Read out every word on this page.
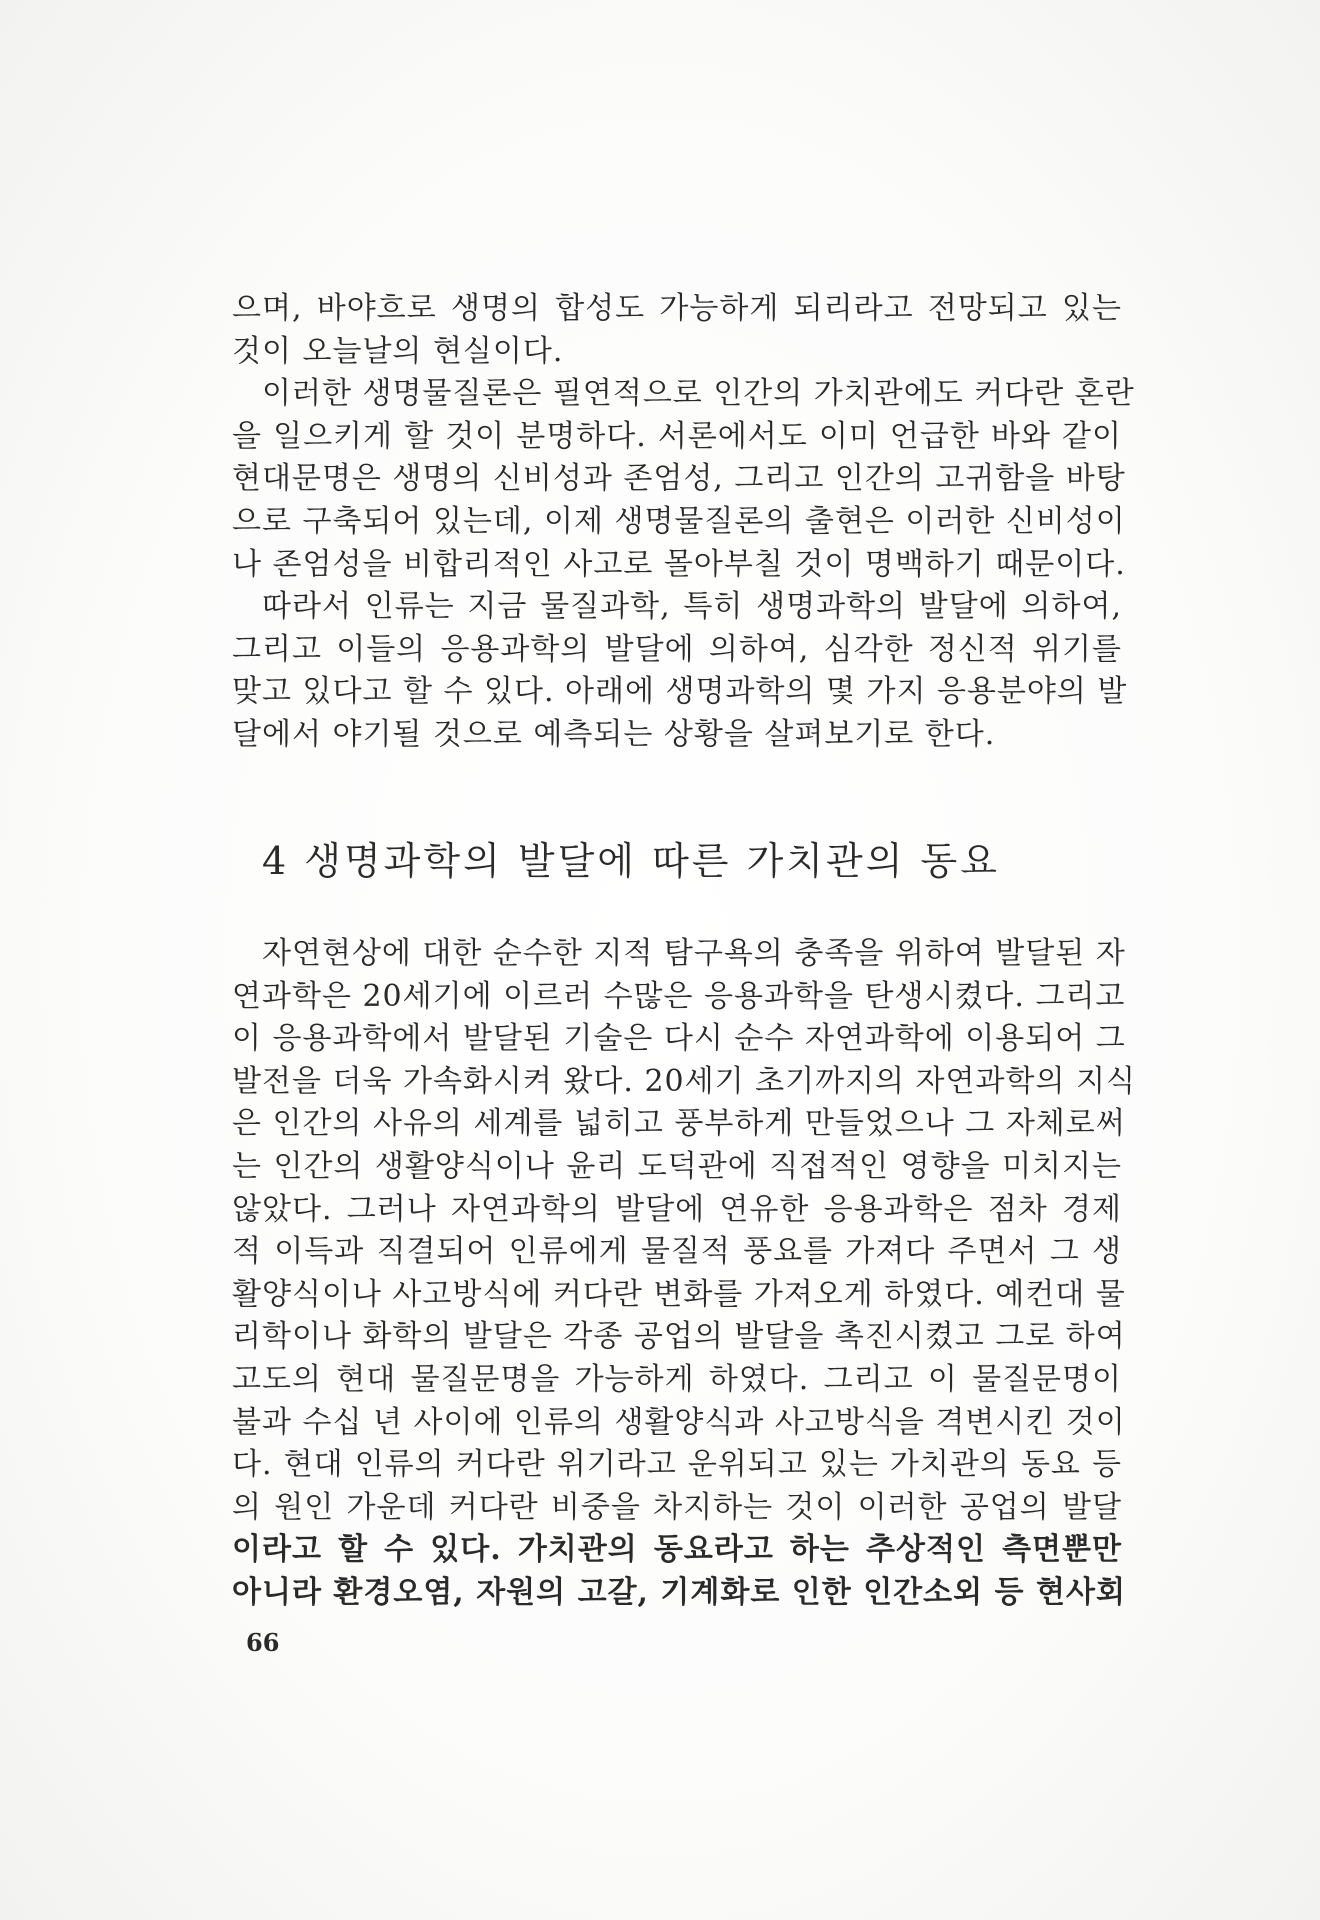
으며, 바야흐로 생명의 합성도 가능하게 되리라고 전망되고 있는
것이 오늘날의 현실이다.
이러한 생명물질론은 필연적으로 인간의 가치관에도 커다란 혼란
을 일으키게 할 것이 분명하다. 서론에서도 이미 언급한 바와 같이
현대문명은 생명의 신비성과 존엄성, 그리고 인간의 고귀함을 바탕
으로 구축되어 있는데, 이제 생명물질론의 출현은 이러한 신비성이
나 존엄성을 비합리적인 사고로 몰아부칠 것이 명백하기 때문이다.
따라서 인류는 지금 물질과학, 특히 생명과학의 발달에 의하여,
그리고 이들의 응용과학의 발달에 의하여, 심각한 정신적 위기를
맞고 있다고 할 수 있다. 아래에 생명과학의 몇 가지 응용분야의 발
달에서 야기될 것으로 예측되는 상황을 살펴보기로 한다.
4 생명과학의 발달에 따른 가치관의 동요
자연현상에 대한 순수한 지적 탐구욕의 충족을 위하여 발달된 자
연과학은 20세기에 이르러 수많은 응용과학을 탄생시켰다. 그리고
이 응용과학에서 발달된 기술은 다시 순수 자연과학에 이용되어 그
발전을 더욱 가속화시켜 왔다. 20세기 초기까지의 자연과학의 지식
은 인간의 사유의 세계를 넓히고 풍부하게 만들었으나 그 자체로써
는 인간의 생활양식이나 윤리 도덕관에 직접적인 영향을 미치지는
않았다. 그러나 자연과학의 발달에 연유한 응용과학은 점차 경제
적 이득과 직결되어 인류에게 물질적 풍요를 가져다 주면서 그 생
활양식이나 사고방식에 커다란 변화를 가져오게 하였다. 예컨대 물
리학이나 화학의 발달은 각종 공업의 발달을 촉진시켰고 그로 하여
고도의 현대 물질문명을 가능하게 하였다. 그리고 이 물질문명이
불과 수십 년 사이에 인류의 생활양식과 사고방식을 격변시킨 것이
다. 현대 인류의 커다란 위기라고 운위되고 있는 가치관의 동요 등
의 원인 가운데 커다란 비중을 차지하는 것이 이러한 공업의 발달
이라고 할 수 있다. 가치관의 동요라고 하는 추상적인 측면뿐만
아니라 환경오염, 자원의 고갈, 기계화로 인한 인간소외 등 현사회
66
